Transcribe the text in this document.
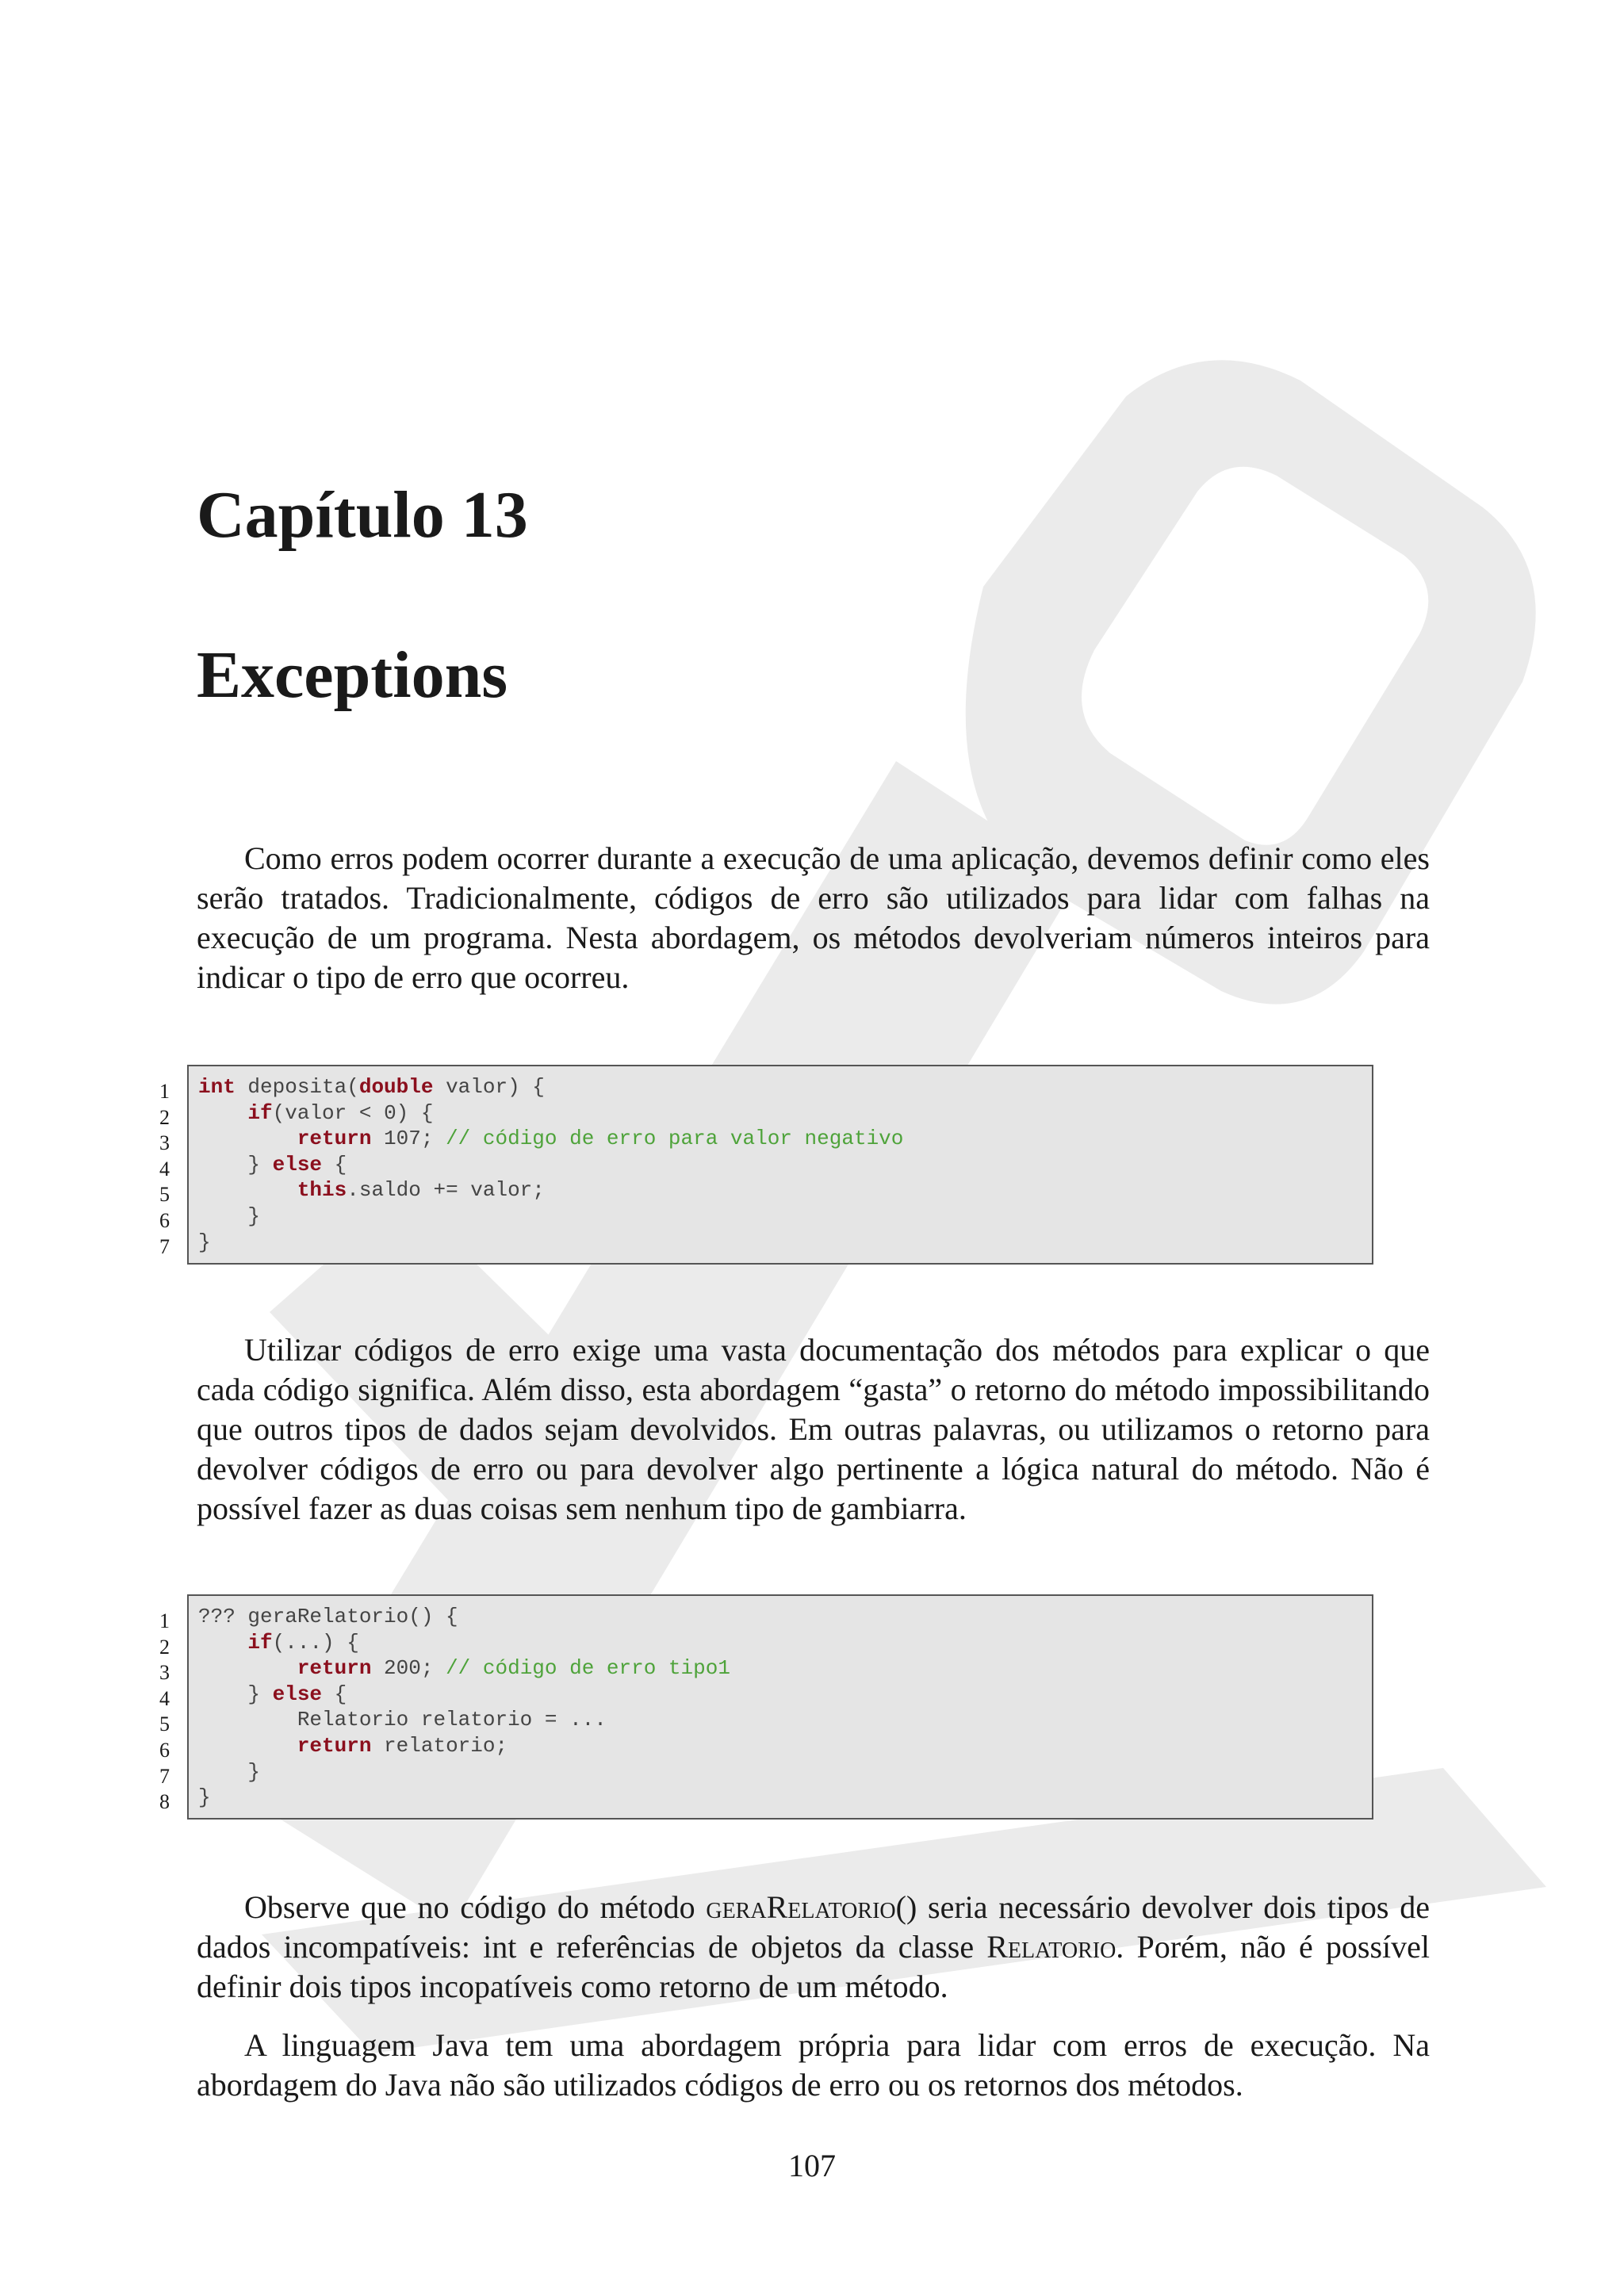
Capítulo 13
Exceptions

Como erros podem ocorrer durante a execução de uma aplicação, devemos definir como eles serão tratados. Tradicionalmente, códigos de erro são utilizados para lidar com falhas na execução de um programa. Nesta abordagem, os métodos devolveriam números inteiros para indicar o tipo de erro que ocorreu.

1
2
3
4
5
6
7
int deposita(double valor) {
if(valor < 0) {
return 107; // código de erro para valor negativo
} else {
this.saldo += valor;
}
}

Utilizar códigos de erro exige uma vasta documentação dos métodos para explicar o que cada código significa. Além disso, esta abordagem “gasta” o retorno do método impossibilitando que outros tipos de dados sejam devolvidos. Em outras palavras, ou utilizamos o retorno para devolver códigos de erro ou para devolver algo pertinente a lógica natural do método. Não é possível fazer as duas coisas sem nenhum tipo de gambiarra.

1
2
3
4
5
6
7
8
??? geraRelatorio() {
if(...) {
return 200; // código de erro tipo1
} else {
Relatorio relatorio = ...
return relatorio;
}
}

Observe que no código do método geraRelatorio() seria necessário devolver dois tipos de dados incompatíveis: int e referências de objetos da classe Relatorio. Porém, não é possível definir dois tipos incopatíveis como retorno de um método.

A linguagem Java tem uma abordagem própria para lidar com erros de execução. Na abordagem do Java não são utilizados códigos de erro ou os retornos dos métodos.

107
